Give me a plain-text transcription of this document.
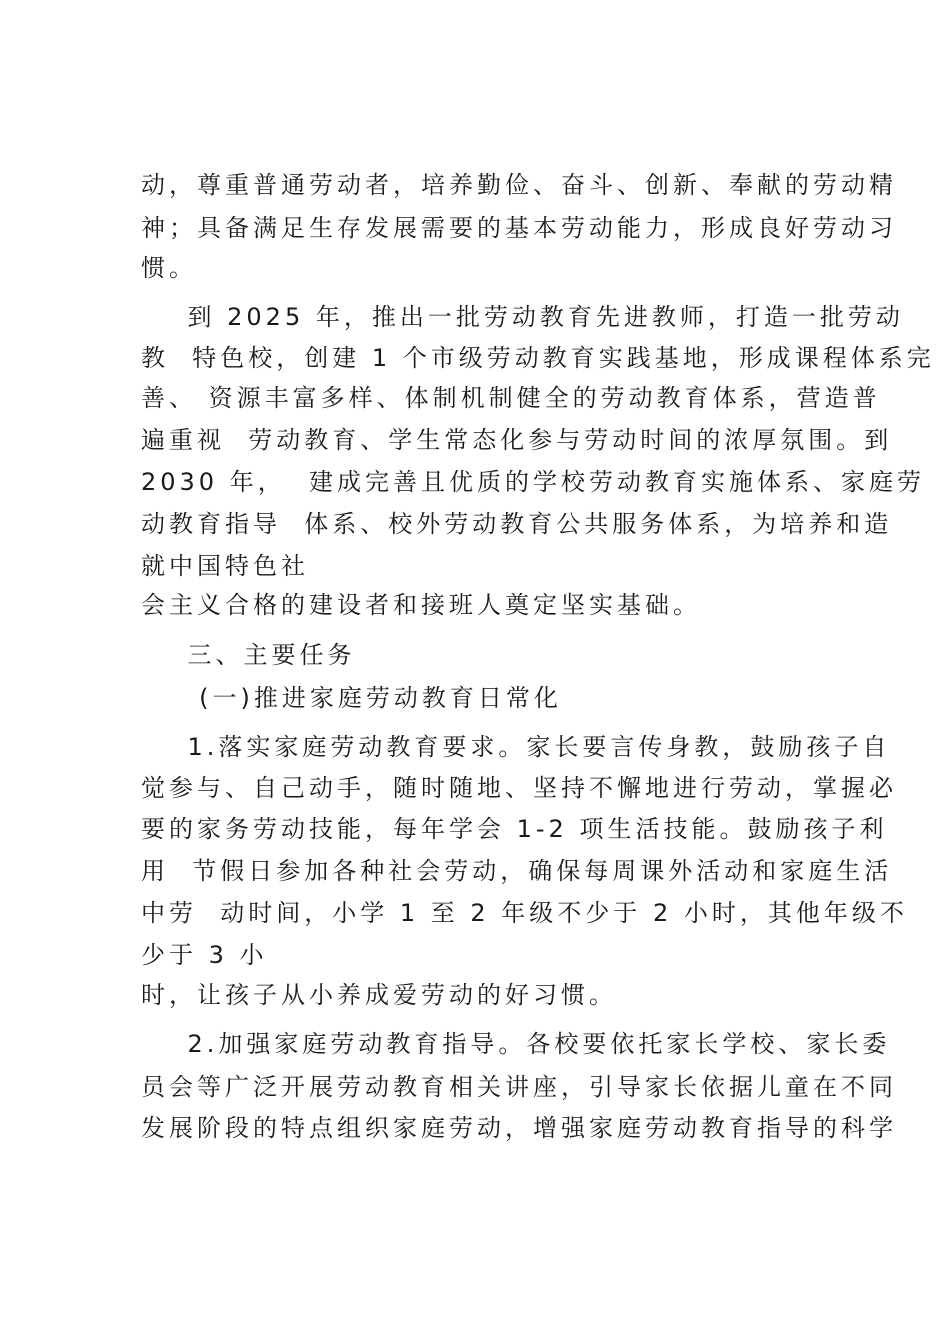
动，尊重普通劳动者，培养勤俭、奋斗、创新、奉献的劳动精
神；具备满足生存发展需要的基本劳动能力，形成良好劳动习
惯。
到 2025 年，推出一批劳动教育先进教师，打造一批劳动
教  特色校，创建 1 个市级劳动教育实践基地，形成课程体系完
善、 资源丰富多样、体制机制健全的劳动教育体系，营造普
遍重视  劳动教育、学生常态化参与劳动时间的浓厚氛围。到
2030 年，  建成完善且优质的学校劳动教育实施体系、家庭劳
动教育指导  体系、校外劳动教育公共服务体系，为培养和造
就中国特色社
会主义合格的建设者和接班人奠定坚实基础。
三、主要任务
(一)推进家庭劳动教育日常化
1.落实家庭劳动教育要求。家长要言传身教，鼓励孩子自
觉参与、自己动手，随时随地、坚持不懈地进行劳动，掌握必
要的家务劳动技能，每年学会 1-2 项生活技能。鼓励孩子利
用  节假日参加各种社会劳动，确保每周课外活动和家庭生活
中劳  动时间，小学 1 至 2 年级不少于 2 小时，其他年级不
少于 3 小
时，让孩子从小养成爱劳动的好习惯。
2.加强家庭劳动教育指导。各校要依托家长学校、家长委
员会等广泛开展劳动教育相关讲座，引导家长依据儿童在不同
发展阶段的特点组织家庭劳动，增强家庭劳动教育指导的科学
